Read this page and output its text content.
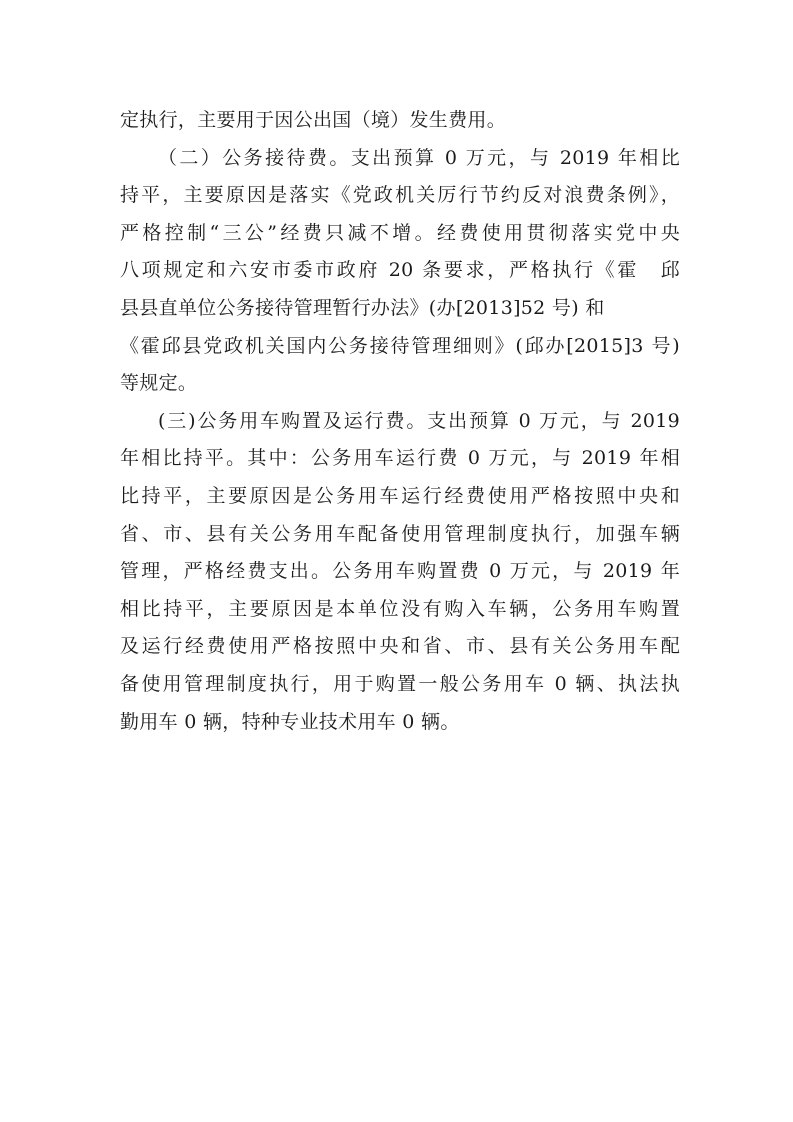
定执行，主要用于因公出国（境）发生费用。
（二）公务接待费。支出预算 0 万元，与 2019 年相比
持平，主要原因是落实《党政机关厉行节约反对浪费条例》，
严格控制“三公”经费只减不增。经费使用贯彻落实党中央
八项规定和六安市委市政府 20 条要求，严格执行《霍　邱
县县直单位公务接待管理暂行办法》(办[2013]52 号) 和
《霍邱县党政机关国内公务接待管理细则》(邱办[2015]3 号)
等规定。
(三)公务用车购置及运行费。支出预算 0 万元，与 2019
年相比持平。其中：公务用车运行费 0 万元，与 2019 年相
比持平，主要原因是公务用车运行经费使用严格按照中央和
省、市、县有关公务用车配备使用管理制度执行，加强车辆
管理，严格经费支出。公务用车购置费 0 万元，与 2019 年
相比持平，主要原因是本单位没有购入车辆，公务用车购置
及运行经费使用严格按照中央和省、市、县有关公务用车配
备使用管理制度执行，用于购置一般公务用车 0 辆、执法执
勤用车 0 辆，特种专业技术用车 0 辆。
